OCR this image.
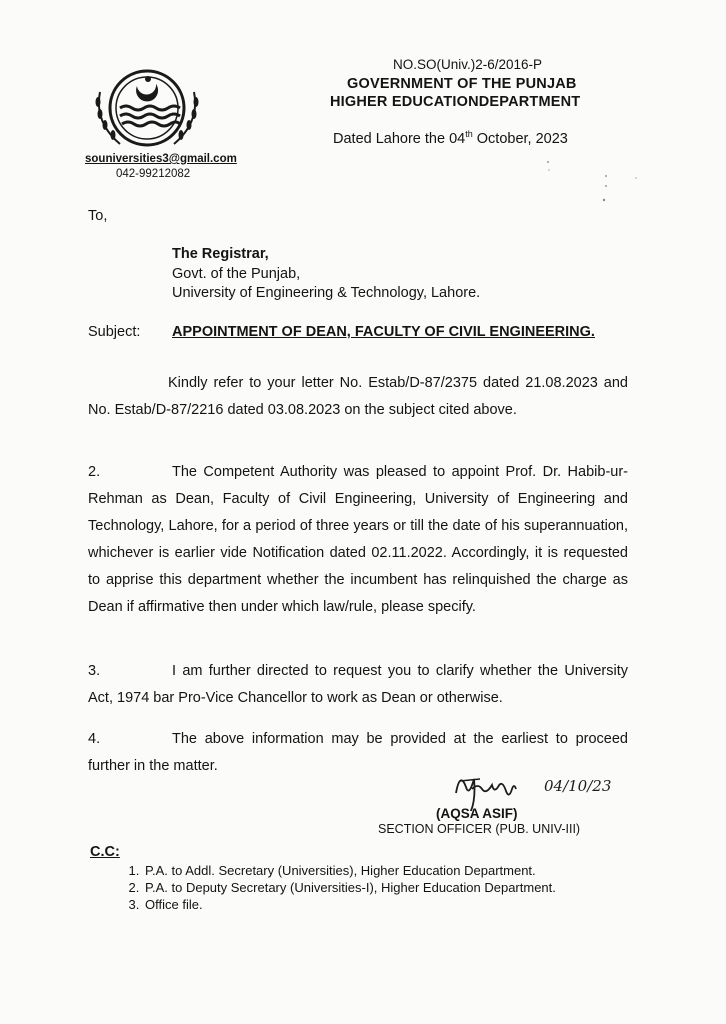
souniversities3@gmail.com
042-99212082
NO.SO(Univ.)2-6/2016-P
GOVERNMENT OF THE PUNJAB
HIGHER EDUCATIONDEPARTMENT
Dated Lahore the 04th October, 2023
To,
The Registrar,
Govt. of the Punjab,
University of Engineering & Technology, Lahore.
Subject: APPOINTMENT OF DEAN, FACULTY OF CIVIL ENGINEERING.
Kindly refer to your letter No. Estab/D-87/2375 dated 21.08.2023 and No. Estab/D-87/2216 dated 03.08.2023 on the subject cited above.
2.	The Competent Authority was pleased to appoint Prof. Dr. Habib-ur-Rehman as Dean, Faculty of Civil Engineering, University of Engineering and Technology, Lahore, for a period of three years or till the date of his superannuation, whichever is earlier vide Notification dated 02.11.2022. Accordingly, it is requested to apprise this department whether the incumbent has relinquished the charge as Dean if affirmative then under which law/rule, please specify.
3.	I am further directed to request you to clarify whether the University Act, 1974 bar Pro-Vice Chancellor to work as Dean or otherwise.
4.	The above information may be provided at the earliest to proceed further in the matter.
04/10/23
(AQSA ASIF)
SECTION OFFICER (PUB. UNIV-III)
C.C:
1. P.A. to Addl. Secretary (Universities), Higher Education Department.
2. P.A. to Deputy Secretary (Universities-I), Higher Education Department.
3. Office file.
